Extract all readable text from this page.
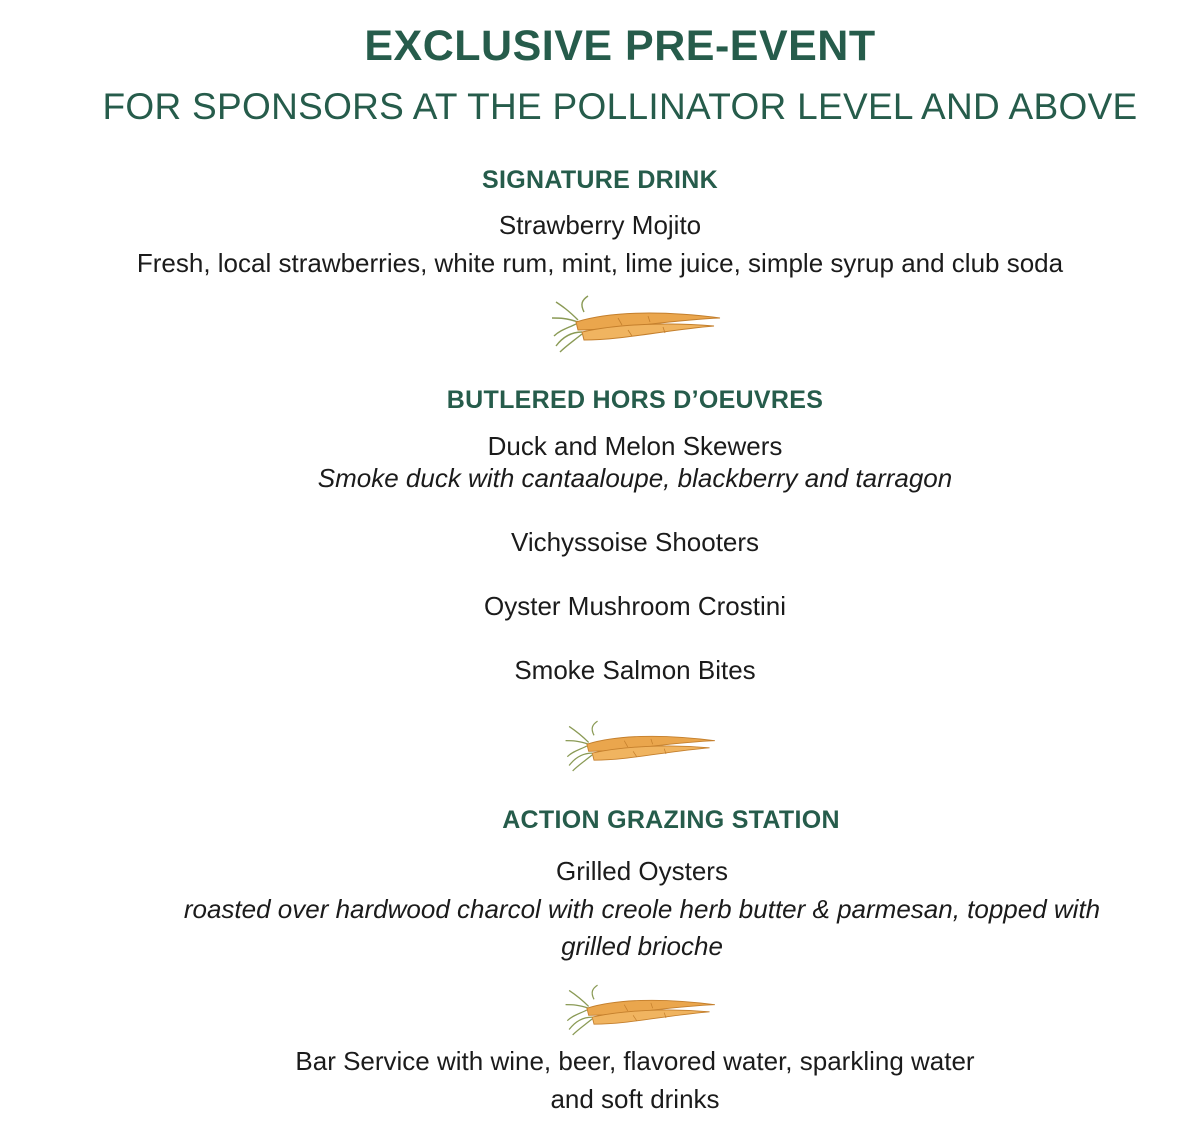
EXCLUSIVE PRE-EVENT
FOR SPONSORS AT THE POLLINATOR LEVEL AND ABOVE
SIGNATURE DRINK
Strawberry Mojito
Fresh, local strawberries, white rum, mint, lime juice, simple syrup and club soda
BUTLERED HORS D’OEUVRES
Duck and Melon Skewers
Smoke duck with cantaaloupe, blackberry and tarragon
Vichyssoise Shooters
Oyster Mushroom Crostini
Smoke Salmon Bites
ACTION GRAZING STATION
Grilled Oysters
roasted over hardwood charcol with creole herb butter & parmesan, topped with
grilled brioche
Bar Service with wine, beer, flavored water, sparkling water
and soft drinks
